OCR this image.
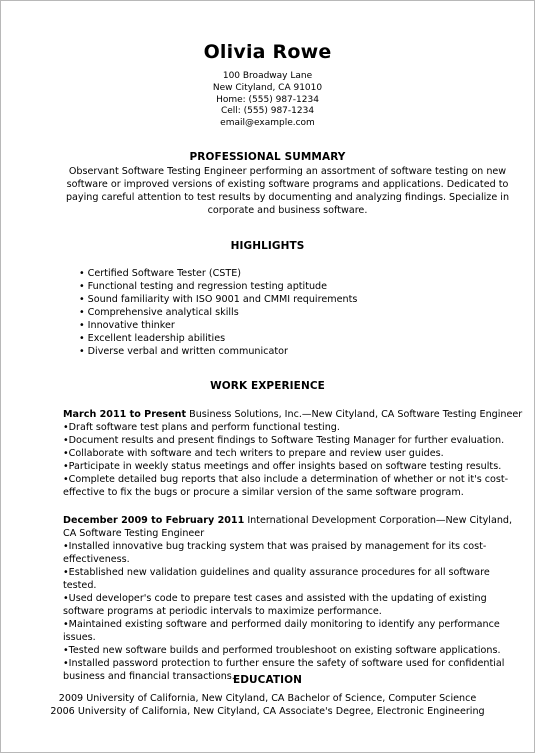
Olivia Rowe
100 Broadway Lane
New Cityland, CA 91010
Home: (555) 987-1234
Cell: (555) 987-1234
email@example.com
PROFESSIONAL SUMMARY
Observant Software Testing Engineer performing an assortment of software testing on new software or improved versions of existing software programs and applications. Dedicated to paying careful attention to test results by documenting and analyzing findings. Specialize in corporate and business software.
HIGHLIGHTS
• Certified Software Tester (CSTE)
• Functional testing and regression testing aptitude
• Sound familiarity with ISO 9001 and CMMI requirements
• Comprehensive analytical skills
• Innovative thinker
• Excellent leadership abilities
• Diverse verbal and written communicator
WORK EXPERIENCE
March 2011 to Present Business Solutions, Inc.—New Cityland, CA Software Testing Engineer
• Draft software test plans and perform functional testing.
• Document results and present findings to Software Testing Manager for further evaluation.
• Collaborate with software and tech writers to prepare and review user guides.
• Participate in weekly status meetings and offer insights based on software testing results.
• Complete detailed bug reports that also include a determination of whether or not it's cost-effective to fix the bugs or procure a similar version of the same software program.
December 2009 to February 2011 International Development Corporation—New Cityland, CA Software Testing Engineer
• Installed innovative bug tracking system that was praised by management for its cost-effectiveness.
• Established new validation guidelines and quality assurance procedures for all software tested.
• Used developer's code to prepare test cases and assisted with the updating of existing software programs at periodic intervals to maximize performance.
• Maintained existing software and performed daily monitoring to identify any performance issues.
• Tested new software builds and performed troubleshoot on existing software applications.
• Installed password protection to further ensure the safety of software used for confidential business and financial transactions.
EDUCATION
2009 University of California, New Cityland, CA Bachelor of Science, Computer Science
2006 University of California, New Cityland, CA Associate's Degree, Electronic Engineering
